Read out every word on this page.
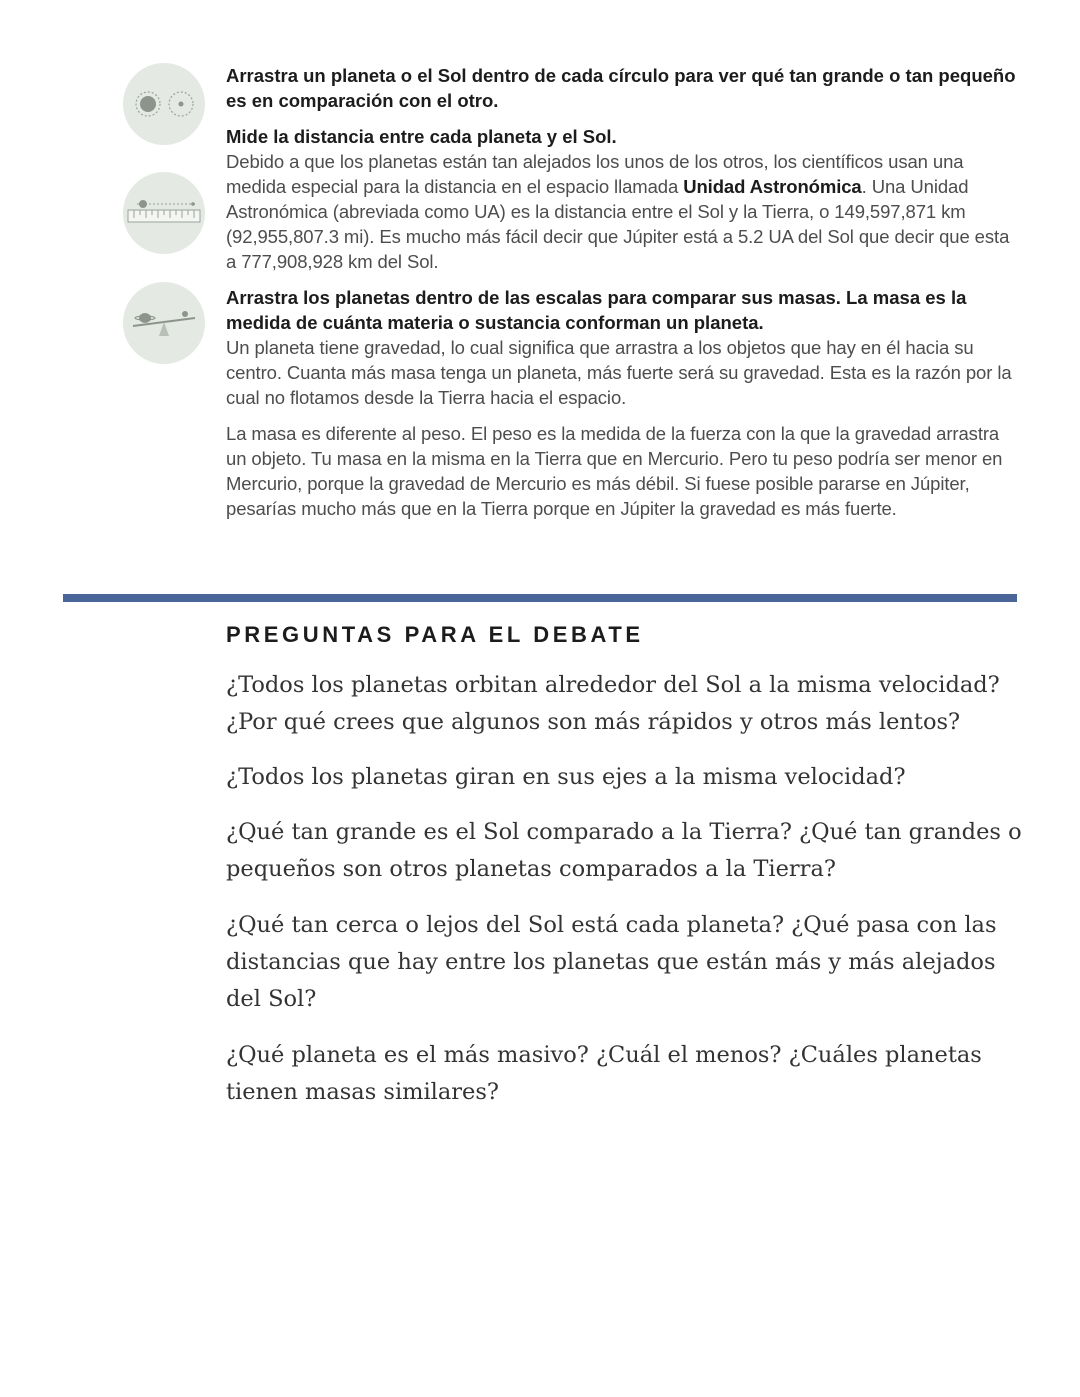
Arrastra un planeta o el Sol dentro de cada círculo para ver qué tan grande o tan pequeño es en comparación con el otro.

Mide la distancia entre cada planeta y el Sol.

Debido a que los planetas están tan alejados los unos de los otros, los científicos usan una medida especial para la distancia en el espacio llamada Unidad Astronómica. Una Unidad Astronómica (abreviada como UA) es la distancia entre el Sol y la Tierra, o 149,597,871 km (92,955,807.3 mi). Es mucho más fácil decir que Júpiter está a 5.2 UA del Sol que decir que esta a 777,908,928 km del Sol.

Arrastra los planetas dentro de las escalas para comparar sus masas. La masa es la medida de cuánta materia o sustancia conforman un planeta.

Un planeta tiene gravedad, lo cual significa que arrastra a los objetos que hay en él hacia su centro. Cuanta más masa tenga un planeta, más fuerte será su gravedad. Esta es la razón por la cual no flotamos desde la Tierra hacia el espacio.

La masa es diferente al peso. El peso es la medida de la fuerza con la que la gravedad arrastra un objeto. Tu masa en la misma en la Tierra que en Mercurio. Pero tu peso podría ser menor en Mercurio, porque la gravedad de Mercurio es más débil. Si fuese posible pararse en Júpiter, pesarías mucho más que en la Tierra porque en Júpiter la gravedad es más fuerte.

PREGUNTAS PARA EL DEBATE

¿Todos los planetas orbitan alrededor del Sol a la misma velocidad? ¿Por qué crees que algunos son más rápidos y otros más lentos?

¿Todos los planetas giran en sus ejes a la misma velocidad?

¿Qué tan grande es el Sol comparado a la Tierra? ¿Qué tan grandes o pequeños son otros planetas comparados a la Tierra?

¿Qué tan cerca o lejos del Sol está cada planeta? ¿Qué pasa con las distancias que hay entre los planetas que están más y más alejados del Sol?

¿Qué planeta es el más masivo? ¿Cuál el menos? ¿Cuáles planetas tienen masas similares?
